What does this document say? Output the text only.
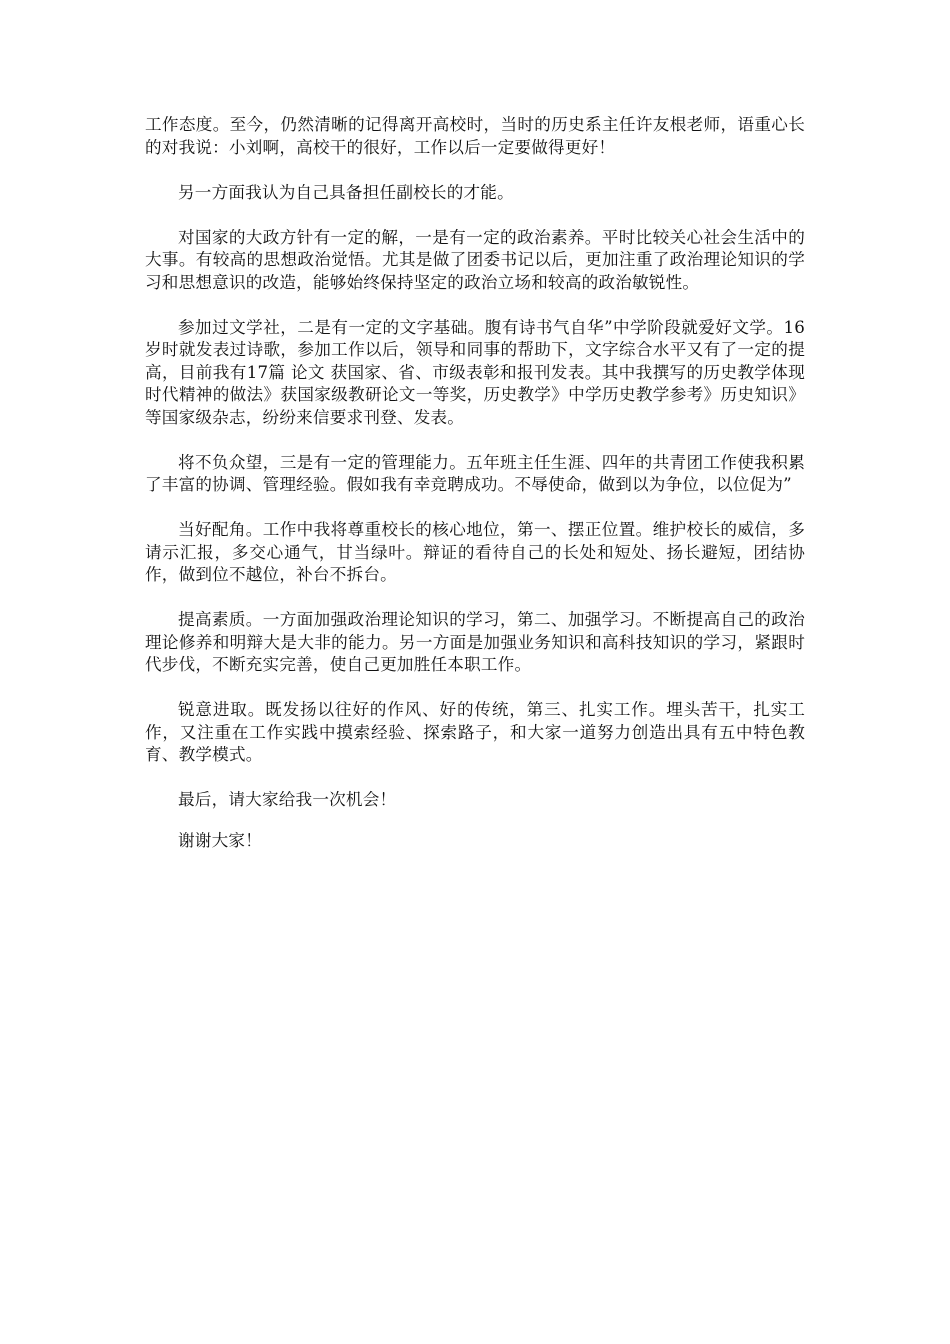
工作态度。至今，仍然清晰的记得离开高校时，当时的历史系主任许友根老师，语重心长的对我说：小刘啊，高校干的很好，工作以后一定要做得更好！

另一方面我认为自己具备担任副校长的才能。

对国家的大政方针有一定的解，一是有一定的政治素养。平时比较关心社会生活中的大事。有较高的思想政治觉悟。尤其是做了团委书记以后，更加注重了政治理论知识的学习和思想意识的改造，能够始终保持坚定的政治立场和较高的政治敏锐性。

参加过文学社，二是有一定的文字基础。腹有诗书气自华”中学阶段就爱好文学。16岁时就发表过诗歌，参加工作以后，领导和同事的帮助下，文字综合水平又有了一定的提高，目前我有17篇 论文 获国家、省、市级表彰和报刊发表。其中我撰写的历史教学体现时代精神的做法》获国家级教研论文一等奖，历史教学》中学历史教学参考》历史知识》等国家级杂志，纷纷来信要求刊登、发表。

将不负众望，三是有一定的管理能力。五年班主任生涯、四年的共青团工作使我积累了丰富的协调、管理经验。假如我有幸竞聘成功。不辱使命，做到以为争位，以位促为”

当好配角。工作中我将尊重校长的核心地位，第一、摆正位置。维护校长的威信，多请示汇报，多交心通气，甘当绿叶。辩证的看待自己的长处和短处、扬长避短，团结协作，做到位不越位，补台不拆台。

提高素质。一方面加强政治理论知识的学习，第二、加强学习。不断提高自己的政治理论修养和明辩大是大非的能力。另一方面是加强业务知识和高科技知识的学习，紧跟时代步伐，不断充实完善，使自己更加胜任本职工作。

锐意进取。既发扬以往好的作风、好的传统，第三、扎实工作。埋头苦干，扎实工作，又注重在工作实践中摸索经验、探索路子，和大家一道努力创造出具有五中特色教育、教学模式。

最后，请大家给我一次机会！

谢谢大家！
